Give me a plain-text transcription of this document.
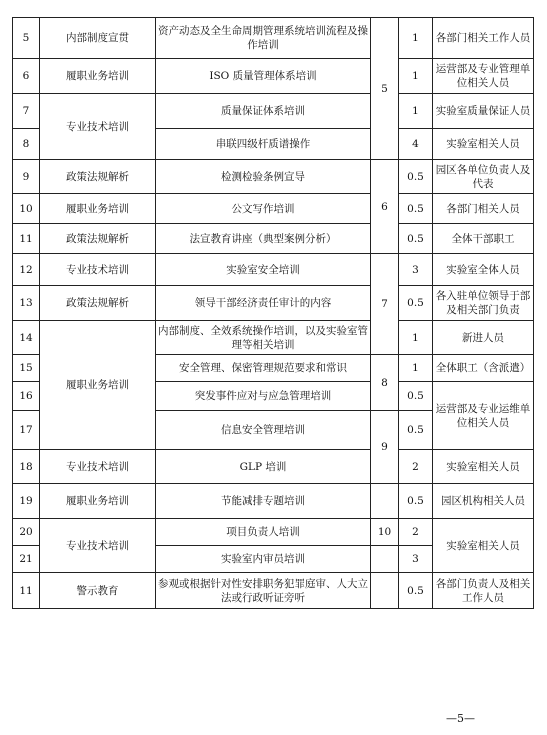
5	内部制度宣贯	资产动态及全生命周期管理系统培训流程及操作培训	5	1	各部门相关工作人员
6	履职业务培训	ISO 质量管理体系培训		1	运营部及专业管理单位相关人员
7	专业技术培训	质量保证体系培训		1	实验室质量保证人员
8		串联四级杆质谱操作		4	实验室相关人员
9	政策法规解析	检测检验条例宣导	6	0.5	园区各单位负责人及代表
10	履职业务培训	公文写作培训		0.5	各部门相关人员
11	政策法规解析	法宣教育讲座（典型案例分析）		0.5	全体干部职工
12	专业技术培训	实验室安全培训	7	3	实验室全体人员
13	政策法规解析	领导干部经济责任审计的内容		0.5	各入驻单位领导于部及相关部门负责
14	履职业务培训	内部制度、全效系统操作培训，以及实验室管理等相关培训		1	新进人员
15		安全管理、保密管理规范要求和常识	8	1	全体职工（含派遣）
16		突发事件应对与应急管理培训		0.5	运营部及专业运维单位相关人员
17		信息安全管理培训	9	0.5	
18	专业技术培训	GLP 培训		2	实验室相关人员
19	履职业务培训	节能减排专题培训		0.5	园区机构相关人员
20	专业技术培训	项目负责人培训	10	2	实验室相关人员
21		实验室内审员培训		3	
11	警示教育	参观或根据针对性安排职务犯罪庭审、人大立法或行政听证旁听		0.5	各部门负责人及相关工作人员
—5—
